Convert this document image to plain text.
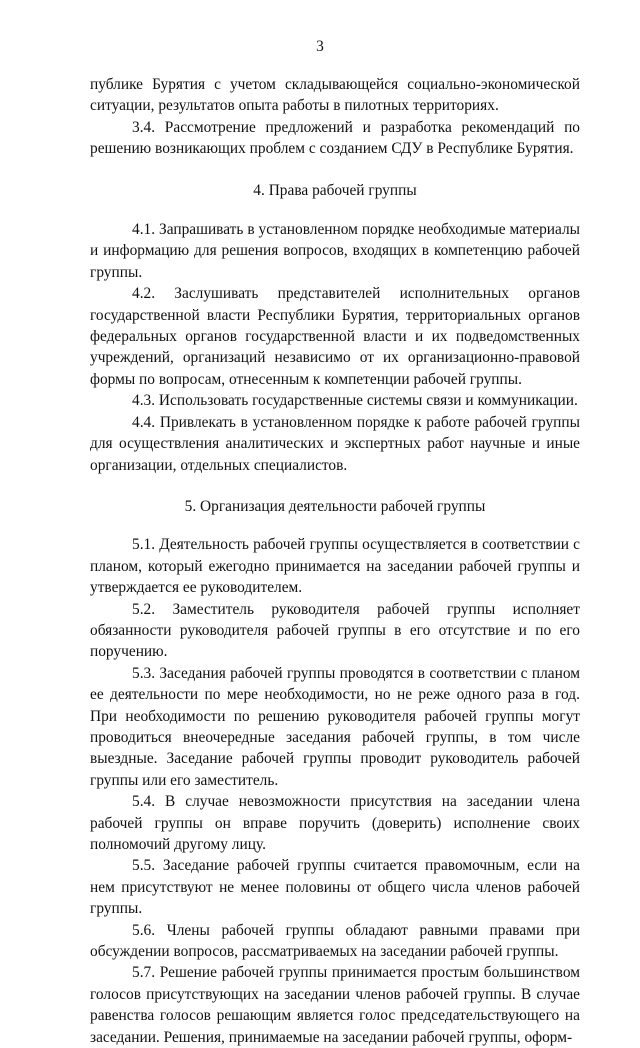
3

публике Бурятия с учетом складывающейся социально-экономической ситуации, результатов опыта работы в пилотных территориях.

3.4. Рассмотрение предложений и разработка рекомендаций по решению возникающих проблем с созданием СДУ в Республике Бурятия.

4. Права рабочей группы

4.1. Запрашивать в установленном порядке необходимые материалы и информацию для решения вопросов, входящих в компетенцию рабочей группы.

4.2. Заслушивать представителей исполнительных органов государственной власти Республики Бурятия, территориальных органов федеральных органов государственной власти и их подведомственных учреждений, организаций независимо от их организационно-правовой формы по вопросам, отнесенным к компетенции рабочей группы.

4.3. Использовать государственные системы связи и коммуникации.

4.4. Привлекать в установленном порядке к работе рабочей группы для осуществления аналитических и экспертных работ научные и иные организации, отдельных специалистов.

5. Организация деятельности рабочей группы

5.1. Деятельность рабочей группы осуществляется в соответствии с планом, который ежегодно принимается на заседании рабочей группы и утверждается ее руководителем.

5.2. Заместитель руководителя рабочей группы исполняет обязанности руководителя рабочей группы в его отсутствие и по его поручению.

5.3. Заседания рабочей группы проводятся в соответствии с планом ее деятельности по мере необходимости, но не реже одного раза в год. При необходимости по решению руководителя рабочей группы могут проводиться внеочередные заседания рабочей группы, в том числе выездные. Заседание рабочей группы проводит руководитель рабочей группы или его заместитель.

5.4. В случае невозможности присутствия на заседании члена рабочей группы он вправе поручить (доверить) исполнение своих полномочий другому лицу.

5.5. Заседание рабочей группы считается правомочным, если на нем присутствуют не менее половины от общего числа членов рабочей группы.

5.6. Члены рабочей группы обладают равными правами при обсуждении вопросов, рассматриваемых на заседании рабочей группы.

5.7. Решение рабочей группы принимается простым большинством голосов присутствующих на заседании членов рабочей группы. В случае равенства голосов решающим является голос председательствующего на заседании. Решения, принимаемые на заседании рабочей группы, оформ-
